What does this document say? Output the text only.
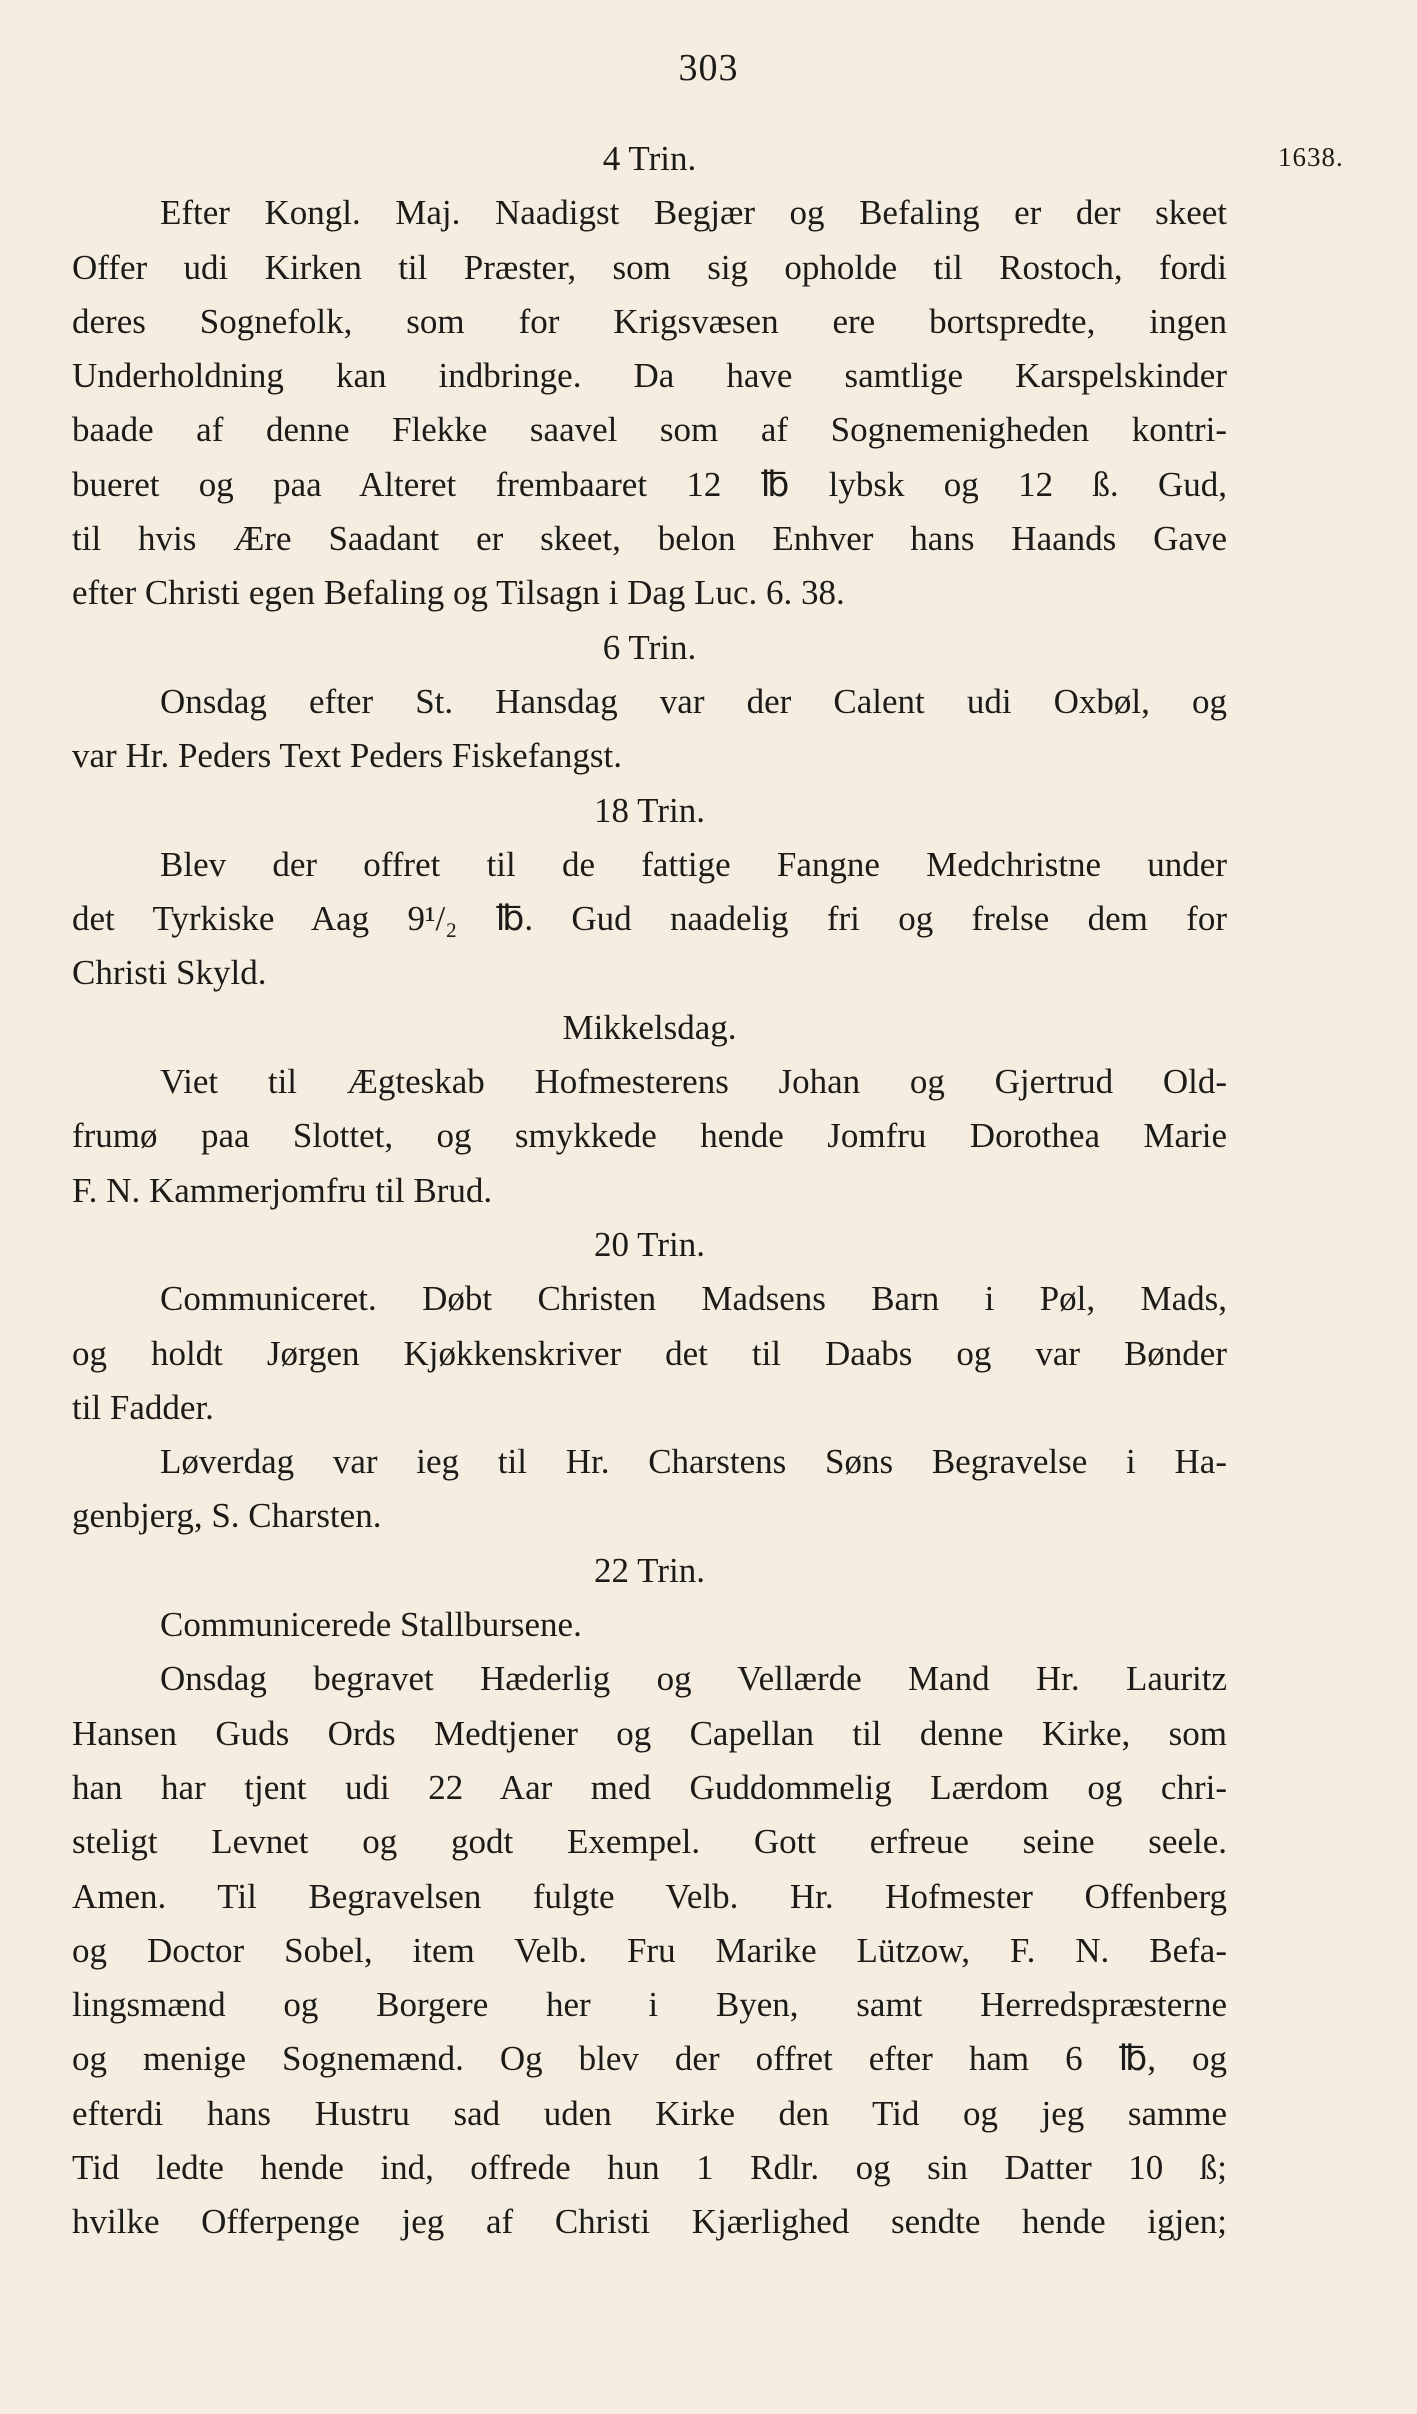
303
1638.
4 Trin.
Efter Kongl. Maj. Naadigst Begjær og Befaling er der skeet
Offer udi Kirken til Præster, som sig opholde til Rostoch, fordi
deres Sognefolk, som for Krigsvæsen ere bortspredte, ingen
Underholdning kan indbringe. Da have samtlige Karspelskinder
baade af denne Flekke saavel som af Sognemenigheden kontri-
bueret og paa Alteret frembaaret 12 ℔ lybsk og 12 ß. Gud,
til hvis Ære Saadant er skeet, belon Enhver hans Haands Gave
efter Christi egen Befaling og Tilsagn i Dag Luc. 6. 38.
6 Trin.
Onsdag efter St. Hansdag var der Calent udi Oxbøl, og
var Hr. Peders Text Peders Fiskefangst.
18 Trin.
Blev der offret til de fattige Fangne Medchristne under
det Tyrkiske Aag 9¹/₂ ℔. Gud naadelig fri og frelse dem for
Christi Skyld.
Mikkelsdag.
Viet til Ægteskab Hofmesterens Johan og Gjertrud Old-
frumø paa Slottet, og smykkede hende Jomfru Dorothea Marie
F. N. Kammerjomfru til Brud.
20 Trin.
Communiceret. Døbt Christen Madsens Barn i Pøl, Mads,
og holdt Jørgen Kjøkkenskriver det til Daabs og var Bønder
til Fadder.
Løverdag var ieg til Hr. Charstens Søns Begravelse i Ha-
genbjerg, S. Charsten.
22 Trin.
Communicerede Stallbursene.
Onsdag begravet Hæderlig og Vellærde Mand Hr. Lauritz
Hansen Guds Ords Medtjener og Capellan til denne Kirke, som
han har tjent udi 22 Aar med Guddommelig Lærdom og chri-
steligt Levnet og godt Exempel. Gott erfreue seine seele.
Amen. Til Begravelsen fulgte Velb. Hr. Hofmester Offenberg
og Doctor Sobel, item Velb. Fru Marike Lützow, F. N. Befa-
lingsmænd og Borgere her i Byen, samt Herredspræsterne
og menige Sognemænd. Og blev der offret efter ham 6 ℔, og
efterdi hans Hustru sad uden Kirke den Tid og jeg samme
Tid ledte hende ind, offrede hun 1 Rdlr. og sin Datter 10 ß;
hvilke Offerpenge jeg af Christi Kjærlighed sendte hende igjen;
